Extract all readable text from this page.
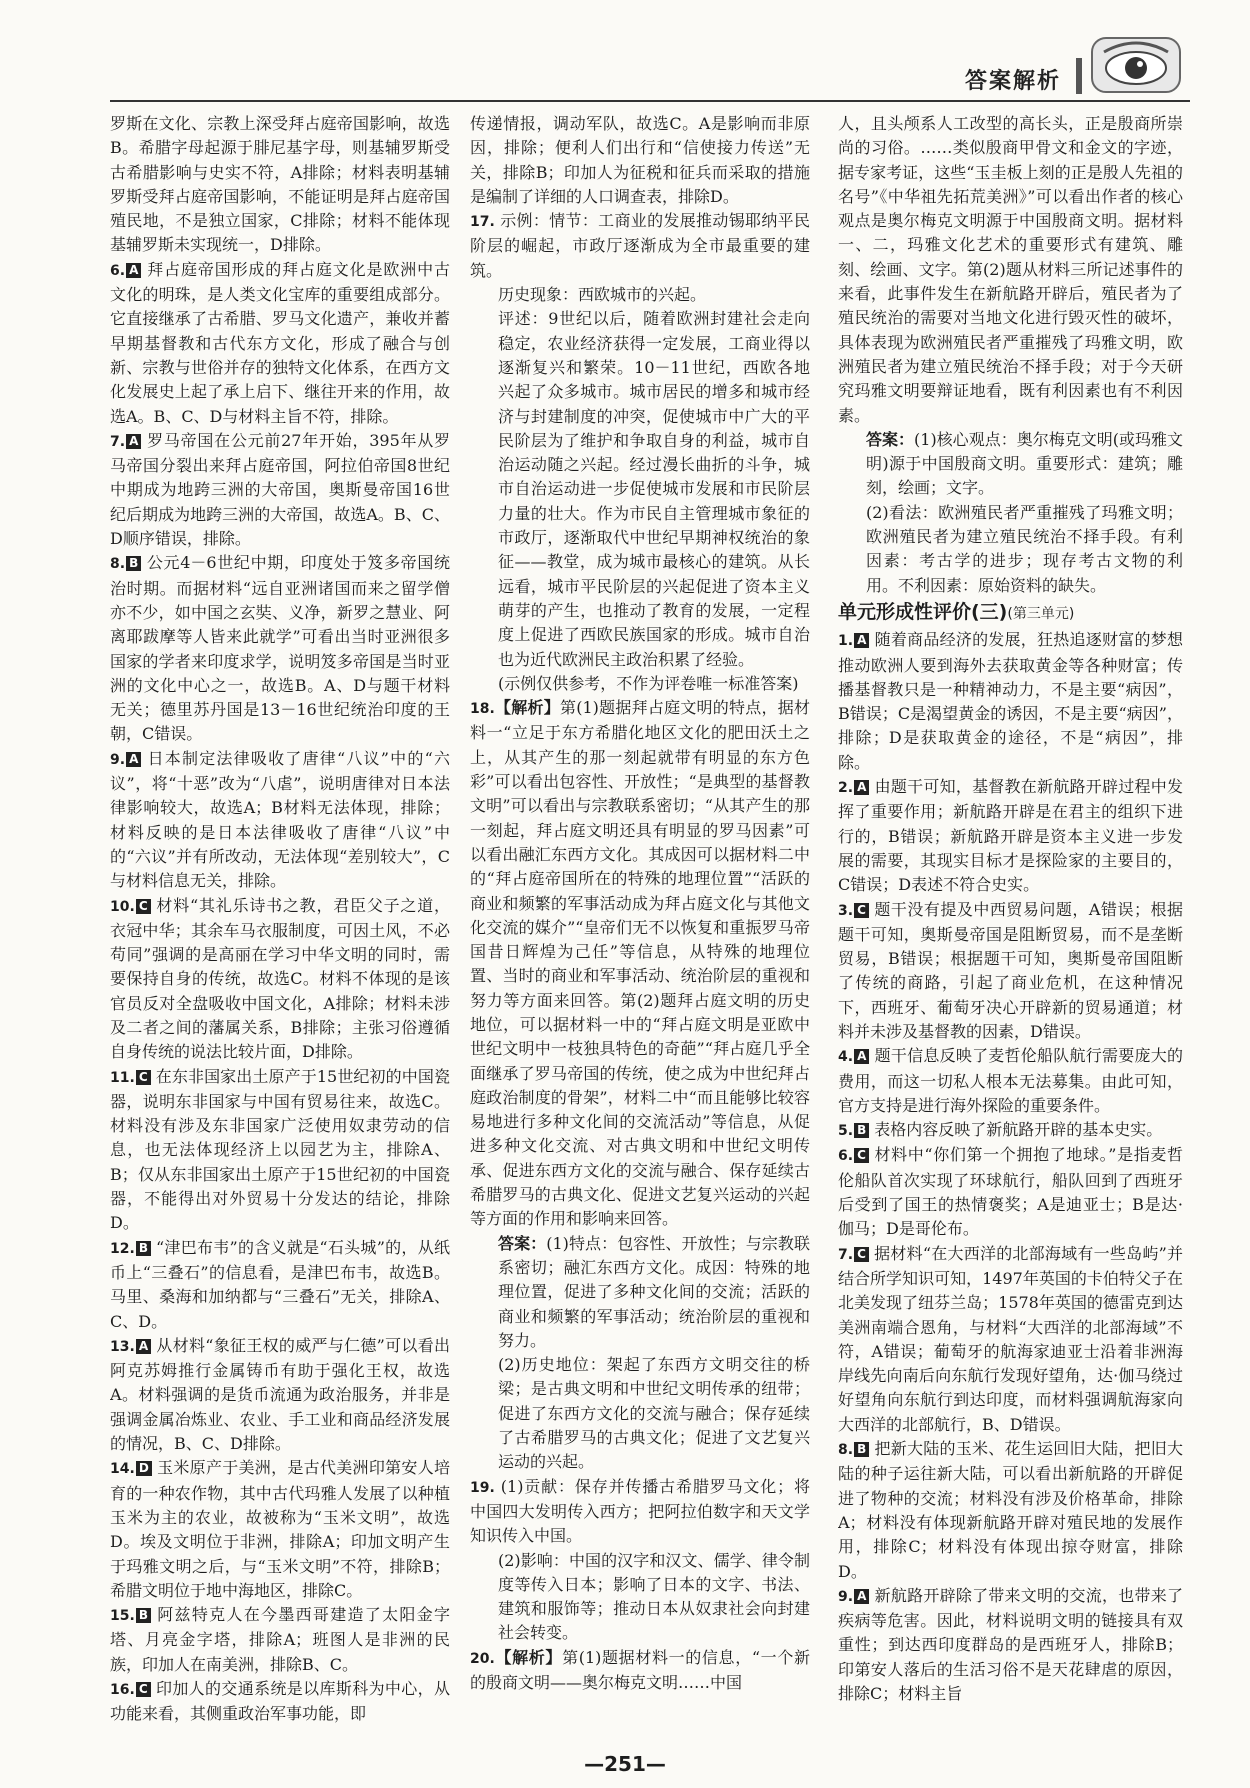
答案解析

罗斯在文化、宗教上深受拜占庭帝国影响，故选B。希腊字母起源于腓尼基字母，则基辅罗斯受古希腊影响与史实不符，A排除；材料表明基辅罗斯受拜占庭帝国影响，不能证明是拜占庭帝国殖民地，不是独立国家，C排除；材料不能体现基辅罗斯未实现统一，D排除。

6. A 拜占庭帝国形成的拜占庭文化是欧洲中古文化的明珠，是人类文化宝库的重要组成部分。它直接继承了古希腊、罗马文化遗产，兼收并蓄早期基督教和古代东方文化，形成了融合与创新、宗教与世俗并存的独特文化体系，在西方文化发展史上起了承上启下、继往开来的作用，故选A。B、C、D与材料主旨不符，排除。

7. A 罗马帝国在公元前27年开始，395年从罗马帝国分裂出来拜占庭帝国，阿拉伯帝国8世纪中期成为地跨三洲的大帝国，奥斯曼帝国16世纪后期成为地跨三洲的大帝国，故选A。B、C、D顺序错误，排除。

8. B 公元4－6世纪中期，印度处于笈多帝国统治时期。而据材料“远自亚洲诸国而来之留学僧亦不少，如中国之玄奘、义净，新罗之慧业、阿离耶跋摩等人皆来此就学”可看出当时亚洲很多国家的学者来印度求学，说明笈多帝国是当时亚洲的文化中心之一，故选B。A、D与题干材料无关；德里苏丹国是13－16世纪统治印度的王朝，C错误。

9. A 日本制定法律吸收了唐律“八议”中的“六议”，将“十恶”改为“八虐”，说明唐律对日本法律影响较大，故选A；B材料无法体现，排除；材料反映的是日本法律吸收了唐律“八议”中的“六议”并有所改动，无法体现“差别较大”，C与材料信息无关，排除。

10. C 材料“其礼乐诗书之教，君臣父子之道，衣冠中华；其余车马衣服制度，可因土风，不必苟同”强调的是高丽在学习中华文明的同时，需要保持自身的传统，故选C。材料不体现的是该官员反对全盘吸收中国文化，A排除；材料未涉及二者之间的藩属关系，B排除；主张习俗遵循自身传统的说法比较片面，D排除。

11. C 在东非国家出土原产于15世纪初的中国瓷器，说明东非国家与中国有贸易往来，故选C。材料没有涉及东非国家广泛使用奴隶劳动的信息，也无法体现经济上以园艺为主，排除A、B；仅从东非国家出土原产于15世纪初的中国瓷器，不能得出对外贸易十分发达的结论，排除D。

12. B “津巴布韦”的含义就是“石头城”的，从纸币上“三叠石”的信息看，是津巴布韦，故选B。马里、桑海和加纳都与“三叠石”无关，排除A、C、D。

13. A 从材料“象征王权的威严与仁德”可以看出阿克苏姆推行金属铸币有助于强化王权，故选A。材料强调的是货币流通为政治服务，并非是强调金属冶炼业、农业、手工业和商品经济发展的情况，B、C、D排除。

14. D 玉米原产于美洲，是古代美洲印第安人培育的一种农作物，其中古代玛雅人发展了以种植玉米为主的农业，故被称为“玉米文明”，故选D。埃及文明位于非洲，排除A；印加文明产生于玛雅文明之后，与“玉米文明”不符，排除B；希腊文明位于地中海地区，排除C。

15. B 阿兹特克人在今墨西哥建造了太阳金字塔、月亮金字塔，排除A；班图人是非洲的民族，印加人在南美洲，排除B、C。

16. C 印加人的交通系统是以库斯科为中心，从功能来看，其侧重政治军事功能，即

传递情报，调动军队，故选C。A是影响而非原因，排除；便利人们出行和“信使接力传送”无关，排除B；印加人为征税和征兵而采取的措施是编制了详细的人口调查表，排除D。

17. 示例：情节：工商业的发展推动锡耶纳平民阶层的崛起，市政厅逐渐成为全市最重要的建筑。

历史现象：西欧城市的兴起。

评述：9世纪以后，随着欧洲封建社会走向稳定，农业经济获得一定发展，工商业得以逐渐复兴和繁荣。10－11世纪，西欧各地兴起了众多城市。城市居民的增多和城市经济与封建制度的冲突，促使城市中广大的平民阶层为了维护和争取自身的利益，城市自治运动随之兴起。经过漫长曲折的斗争，城市自治运动进一步促使城市发展和市民阶层力量的壮大。作为市民自主管理城市象征的市政厅，逐渐取代中世纪早期神权统治的象征——教堂，成为城市最核心的建筑。从长远看，城市平民阶层的兴起促进了资本主义萌芽的产生，也推动了教育的发展，一定程度上促进了西欧民族国家的形成。城市自治也为近代欧洲民主政治积累了经验。

(示例仅供参考，不作为评卷唯一标准答案)

18.【解析】第(1)题据拜占庭文明的特点，据材料一“立足于东方希腊化地区文化的肥田沃土之上，从其产生的那一刻起就带有明显的东方色彩”可以看出包容性、开放性；“是典型的基督教文明”可以看出与宗教联系密切；“从其产生的那一刻起，拜占庭文明还具有明显的罗马因素”可以看出融汇东西方文化。其成因可以据材料二中的“拜占庭帝国所在的特殊的地理位置”“活跃的商业和频繁的军事活动成为拜占庭文化与其他文化交流的媒介”“皇帝们无不以恢复和重振罗马帝国昔日辉煌为己任”等信息，从特殊的地理位置、当时的商业和军事活动、统治阶层的重视和努力等方面来回答。第(2)题拜占庭文明的历史地位，可以据材料一中的“拜占庭文明是亚欧中世纪文明中一枝独具特色的奇葩”“拜占庭几乎全面继承了罗马帝国的传统，使之成为中世纪拜占庭政治制度的骨架”，材料二中“而且能够比较容易地进行多种文化间的交流活动”等信息，从促进多种文化交流、对古典文明和中世纪文明传承、促进东西方文化的交流与融合、保存延续古希腊罗马的古典文化、促进文艺复兴运动的兴起等方面的作用和影响来回答。

答案：(1)特点：包容性、开放性；与宗教联系密切；融汇东西方文化。成因：特殊的地理位置，促进了多种文化间的交流；活跃的商业和频繁的军事活动；统治阶层的重视和努力。

(2)历史地位：架起了东西方文明交往的桥梁；是古典文明和中世纪文明传承的纽带；促进了东西方文化的交流与融合；保存延续了古希腊罗马的古典文化；促进了文艺复兴运动的兴起。

19. (1)贡献：保存并传播古希腊罗马文化；将中国四大发明传入西方；把阿拉伯数字和天文学知识传入中国。

(2)影响：中国的汉字和汉文、儒学、律令制度等传入日本；影响了日本的文字、书法、建筑和服饰等；推动日本从奴隶社会向封建社会转变。

20.【解析】第(1)题据材料一的信息，“一个新的殷商文明——奥尔梅克文明……中国

人，且头颅系人工改型的高长头，正是殷商所崇尚的习俗。……类似殷商甲骨文和金文的字迹，据专家考证，这些“玉圭板上刻的正是殷人先祖的名号”《中华祖先拓荒美洲》”可以看出作者的核心观点是奥尔梅克文明源于中国殷商文明。据材料一、二，玛雅文化艺术的重要形式有建筑、雕刻、绘画、文字。第(2)题从材料三所记述事件的来看，此事件发生在新航路开辟后，殖民者为了殖民统治的需要对当地文化进行毁灭性的破坏，具体表现为欧洲殖民者严重摧残了玛雅文明，欧洲殖民者为建立殖民统治不择手段；对于今天研究玛雅文明要辩证地看，既有利因素也有不利因素。

答案：(1)核心观点：奥尔梅克文明(或玛雅文明)源于中国殷商文明。重要形式：建筑；雕刻，绘画；文字。

(2)看法：欧洲殖民者严重摧残了玛雅文明；欧洲殖民者为建立殖民统治不择手段。有利因素：考古学的进步；现存考古文物的利用。不利因素：原始资料的缺失。

单元形成性评价(三)(第三单元)

1. A 随着商品经济的发展，狂热追逐财富的梦想推动欧洲人要到海外去获取黄金等各种财富；传播基督教只是一种精神动力，不是主要“病因”，B错误；C是渴望黄金的诱因，不是主要“病因”，排除；D是获取黄金的途径，不是“病因”，排除。

2. A 由题干可知，基督教在新航路开辟过程中发挥了重要作用；新航路开辟是在君主的组织下进行的，B错误；新航路开辟是资本主义进一步发展的需要，其现实目标才是探险家的主要目的，C错误；D表述不符合史实。

3. C 题干没有提及中西贸易问题，A错误；根据题干可知，奥斯曼帝国是阻断贸易，而不是垄断贸易，B错误；根据题干可知，奥斯曼帝国阻断了传统的商路，引起了商业危机，在这种情况下，西班牙、葡萄牙决心开辟新的贸易通道；材料并未涉及基督教的因素，D错误。

4. A 题干信息反映了麦哲伦船队航行需要庞大的费用，而这一切私人根本无法募集。由此可知，官方支持是进行海外探险的重要条件。

5. B 表格内容反映了新航路开辟的基本史实。

6. C 材料中“你们第一个拥抱了地球。”是指麦哲伦船队首次实现了环球航行，船队回到了西班牙后受到了国王的热情褒奖；A是迪亚士；B是达·伽马；D是哥伦布。

7. C 据材料“在大西洋的北部海域有一些岛屿”并结合所学知识可知，1497年英国的卡伯特父子在北美发现了纽芬兰岛；1578年英国的德雷克到达美洲南端合恩角，与材料“大西洋的北部海域”不符，A错误；葡萄牙的航海家迪亚士沿着非洲海岸线先向南后向东航行发现好望角，达·伽马绕过好望角向东航行到达印度，而材料强调航海家向大西洋的北部航行，B、D错误。

8. B 把新大陆的玉米、花生运回旧大陆，把旧大陆的种子运往新大陆，可以看出新航路的开辟促进了物种的交流；材料没有涉及价格革命，排除A；材料没有体现新航路开辟对殖民地的发展作用，排除C；材料没有体现出掠夺财富，排除D。

9. A 新航路开辟除了带来文明的交流，也带来了疾病等危害。因此，材料说明文明的链接具有双重性；到达西印度群岛的是西班牙人，排除B；印第安人落后的生活习俗不是天花肆虐的原因，排除C；材料主旨

—251—
